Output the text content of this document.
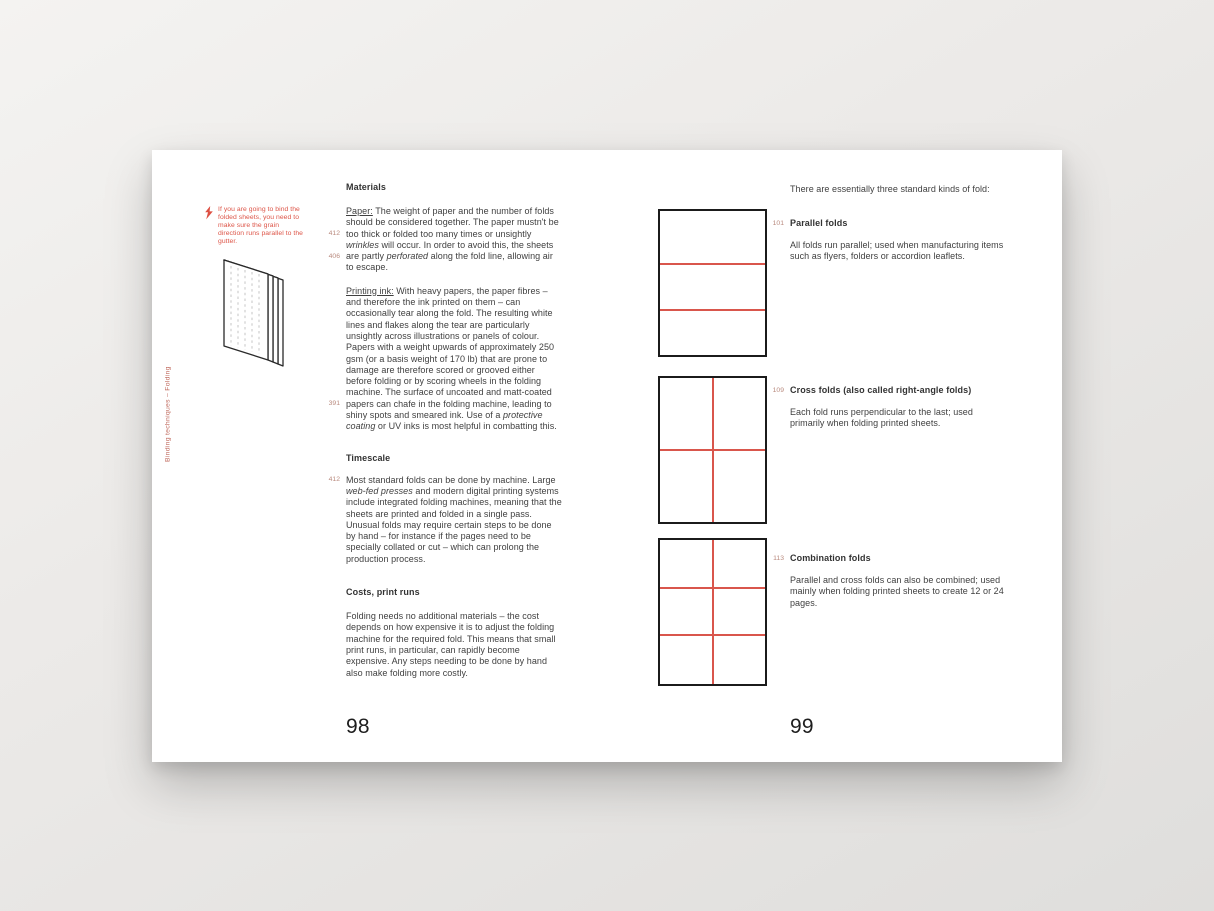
If you are going to bind the folded sheets, you need to make sure the grain direction runs parallel to the gutter.
Binding techniques – Folding
Materials
412
406
391
412

Paper: The weight of paper and the number of folds should be considered together. The paper mustn't be too thick or folded too many times or unsightly wrinkles will occur. In order to avoid this, the sheets are partly perforated along the fold line, allowing air to escape.

Printing ink: With heavy papers, the paper fibres – and therefore the ink printed on them – can occasionally tear along the fold. The resulting white lines and flakes along the tear are particularly unsightly across illustrations or panels of colour. Papers with a weight upwards of approximately 250 gsm (or a basis weight of 170 lb) that are prone to damage are therefore scored or grooved either before folding or by scoring wheels in the folding machine. The surface of uncoated and matt-coated papers can chafe in the folding machine, leading to shiny spots and smeared ink. Use of a protective coating or UV inks is most helpful in combatting this.

Timescale

Most standard folds can be done by machine. Large web-fed presses and modern digital printing systems include integrated folding machines, meaning that the sheets are printed and folded in a single pass. Unusual folds may require certain steps to be done by hand – for instance if the pages need to be specially collated or cut – which can prolong the production process.

Costs, print runs

Folding needs no additional materials – the cost depends on how expensive it is to adjust the folding machine for the required fold. This means that small print runs, in particular, can rapidly become expensive. Any steps needing to be done by hand also make folding more costly.

98

There are essentially three standard kinds of fold:

101 Parallel folds

All folds run parallel; used when manufacturing items such as flyers, folders or accordion leaflets.

109 Cross folds (also called right-angle folds)

Each fold runs perpendicular to the last; used primarily when folding printed sheets.

113 Combination folds

Parallel and cross folds can also be combined; used mainly when folding printed sheets to create 12 or 24 pages.

99
